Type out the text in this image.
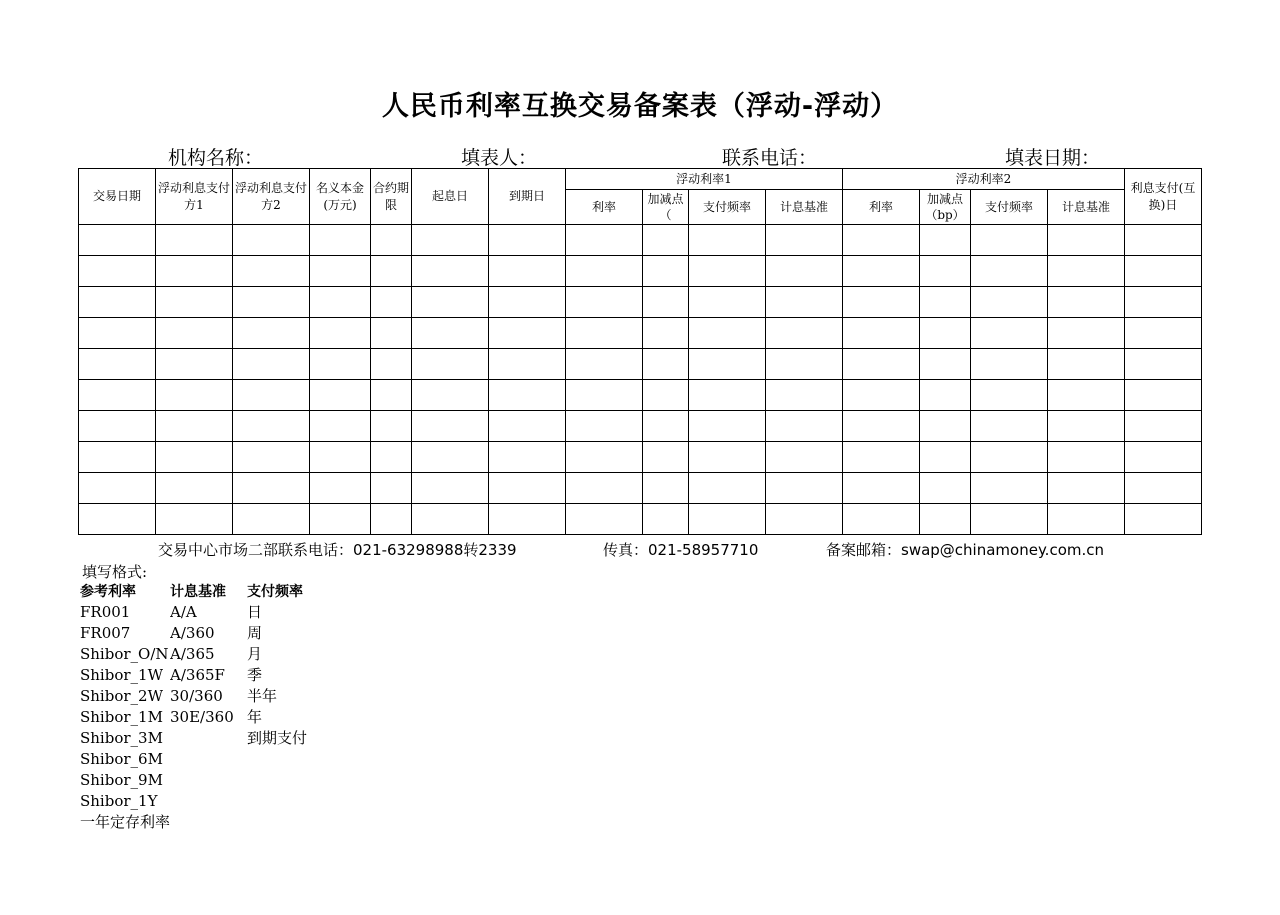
人民币利率互换交易备案表（浮动-浮动）
机构名称：	填表人：	联系电话：	填表日期：
交易日期	浮动利息支付方1	浮动利息支付方2	名义本金(万元)	合约期限	起息日	到期日	浮动利率1				浮动利率2				利息支付(互换)日
							利率	加减点（	支付频率	计息基准	利率	加减点（bp）	支付频率	计息基准	

交易中心市场二部联系电话：021-63298988转2339	传真：021-58957710	备案邮箱：swap@chinamoney.com.cn
填写格式:
参考利率	计息基准	支付频率
FR001	A/A	日
FR007	A/360	周
Shibor_O/N	A/365	月
Shibor_1W	A/365F	季
Shibor_2W	30/360	半年
Shibor_1M	30E/360	年
Shibor_3M		到期支付
Shibor_6M		
Shibor_9M		
Shibor_1Y		
一年定存利率		
